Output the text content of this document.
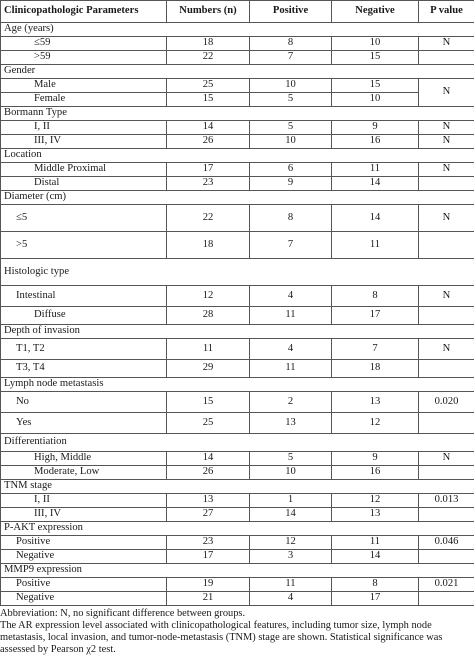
Clinicopathologic Parameters	Numbers (n)	Positive	Negative	P value
Age (years)				
≤59	18	8	10	N
>59	22	7	15	
Gender				
Male	25	10	15	N
Female	15	5	10	
Bormann Type				
I, II	14	5	9	N
III, IV	26	10	16	N
Location				
Middle Proximal	17	6	11	N
Distal	23	9	14	
Diameter (cm)				
≤5	22	8	14	N
>5	18	7	11	
Histologic type				
Intestinal	12	4	8	N
Diffuse	28	11	17	
Depth of invasion				
T1, T2	11	4	7	N
T3, T4	29	11	18	
Lymph node metastasis				
No	15	2	13	0.020
Yes	25	13	12	
Differentiation				
High, Middle	14	5	9	N
Moderate, Low	26	10	16	
TNM stage				
I, II	13	1	12	0.013
III, IV	27	14	13	
P-AKT expression				
Positive	23	12	11	0.046
Negative	17	3	14	
MMP9 expression				
Positive	19	11	8	0.021
Negative	21	4	17	

Abbreviation: N, no significant difference between groups.

The AR expression level associated with clinicopathological features, including tumor size, lymph node metastasis, local invasion, and tumor-node-metastasis (TNM) stage are shown. Statistical significance was assessed by Pearson χ2 test.
